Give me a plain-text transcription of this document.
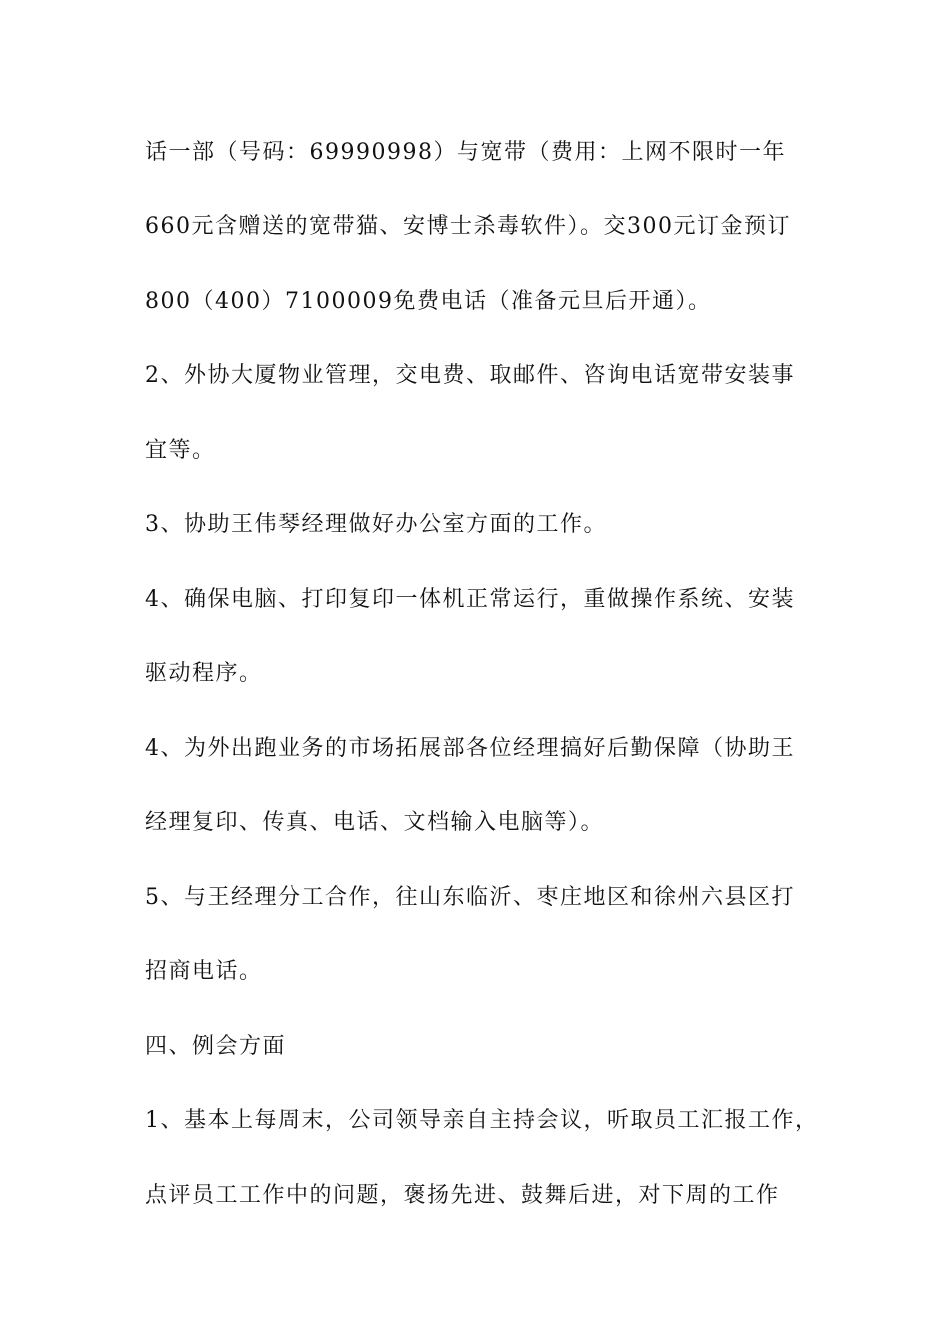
话一部（号码：69990998）与宽带（费用：上网不限时一年
660元含赠送的宽带猫、安博士杀毒软件）。交300元订金预订
800（400）7100009免费电话（准备元旦后开通）。
2、外协大厦物业管理，交电费、取邮件、咨询电话宽带安装事
宜等。
3、协助王伟琴经理做好办公室方面的工作。
4、确保电脑、打印复印一体机正常运行，重做操作系统、安装
驱动程序。
4、为外出跑业务的市场拓展部各位经理搞好后勤保障（协助王
经理复印、传真、电话、文档输入电脑等）。
5、与王经理分工合作，往山东临沂、枣庄地区和徐州六县区打
招商电话。
四、例会方面
1、基本上每周末，公司领导亲自主持会议，听取员工汇报工作，
点评员工工作中的问题，褒扬先进、鼓舞后进，对下周的工作
